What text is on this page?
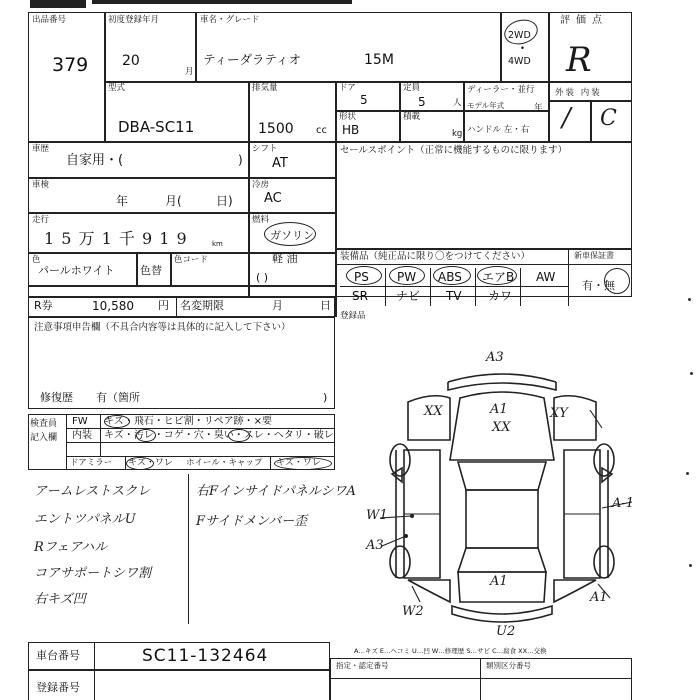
出品番号
379
初度登録年月
20
月
車名・グレード
ティーダラティオ	15M
2WD
•
4WD
評価点
R
型式
DBA-SC11
排気量
1500 cc
ドア
5
定員
5	人
形状
HB
積載
kg
ディーラー・並行
モデル年式	年
ハンドル 左・右
外装 内装
/ C
車歴
自家用・(	)
シフト
AT
セールスポイント（正常に機能するものに限ります）
車検
年	月(	日)
冷房
AC
走行
1 5 万 1 千 9 1 9	km
燃料
ガソリン
軽 油
( )
色
パールホワイト 色替
色コード	装備品（純正品に限り〇をつけてください）	新車保証書
PS PW ABS エアB AW
SR ナビ TV カワ
有・無
R券	10,580 円 名変期限	月	日
登録品
注意事項申告欄（不具合内容等は具体的に記入して下さい）
修復歴 有（箇所	)
検査員
記入欄
FW キズ・飛石・ヒビ割・リペア跡・×要
内装 キズ・汚レ・コゲ・穴・臭い・スレ・ヘタリ・破レ
ドアミラー キズ・ワレ ホイール・キャップ キズ・ワレ
アームレストスクレ
エントツパネルU
Rフェアハル
コアサポートシワ割
右キズ凹
右FインサイドパネルシワA
Fサイドメンバー歪
A3
A1
XX
XX	XY
A-1
W1
A3
A1
W2
A1
U2
A…キズ E…ヘコミ U…凹 W…修理歴 S…サビ C…腐食 XX…交換
車台番号	SC11-132464
登録番号
指定・認定番号	類別区分番号
